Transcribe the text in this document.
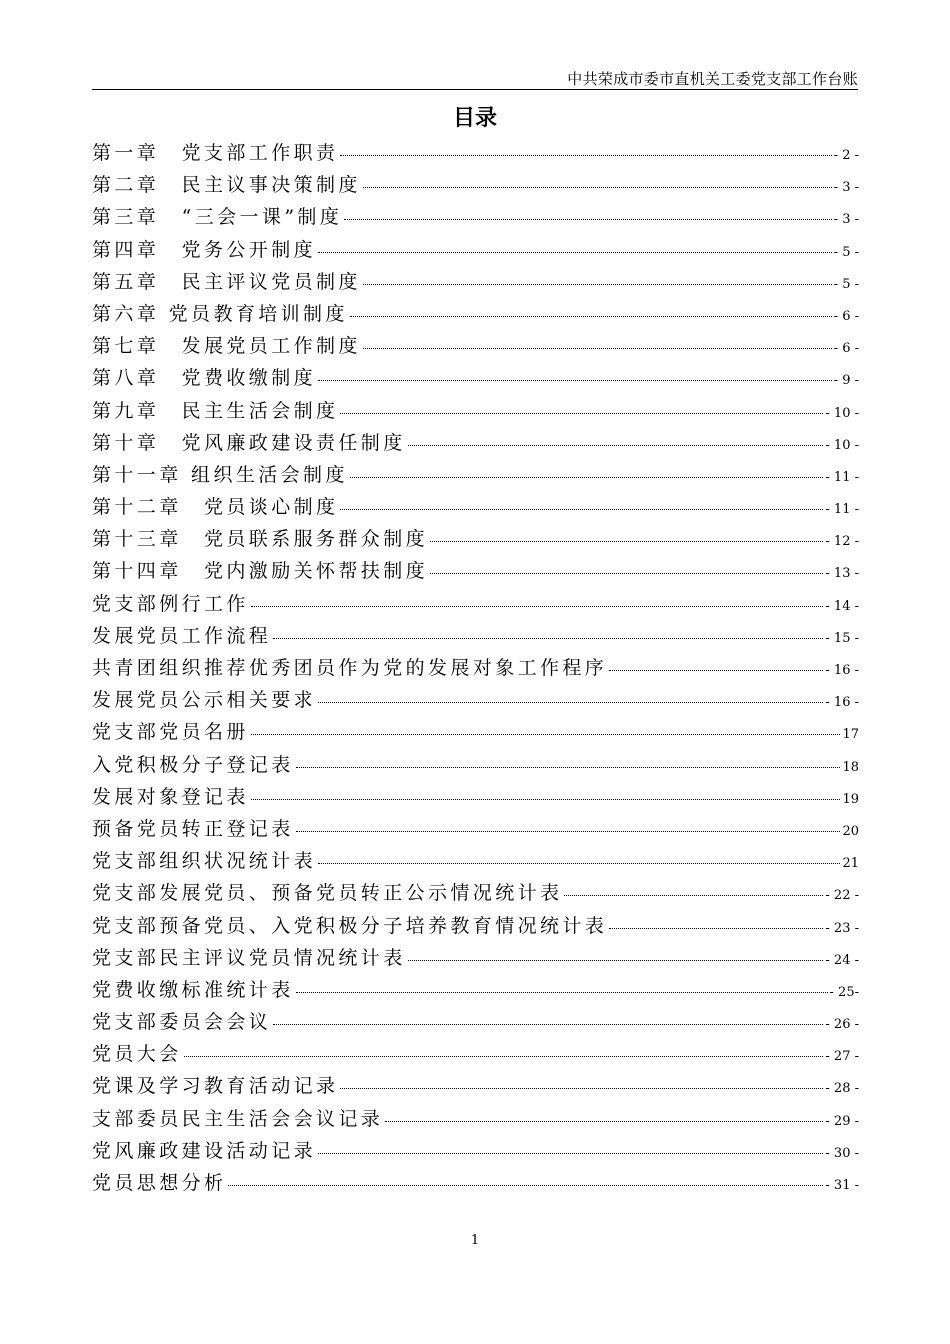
中共荣成市委市直机关工委党支部工作台账
目录
第一章　党支部工作职责	- 2 -
第二章　民主议事决策制度	- 3 -
第三章　“三会一课”制度	- 3 -
第四章　党务公开制度	- 5 -
第五章　民主评议党员制度	- 5 -
第六章 党员教育培训制度	- 6 -
第七章　发展党员工作制度	- 6 -
第八章　党费收缴制度	- 9 -
第九章　民主生活会制度	- 10 -
第十章　党风廉政建设责任制度	- 10 -
第十一章 组织生活会制度	- 11 -
第十二章　党员谈心制度	- 11 -
第十三章　党员联系服务群众制度	- 12 -
第十四章　党内激励关怀帮扶制度	- 13 -
党支部例行工作	- 14 -
发展党员工作流程	- 15 -
共青团组织推荐优秀团员作为党的发展对象工作程序	- 16 -
发展党员公示相关要求	- 16 -
党支部党员名册	17
入党积极分子登记表	18
发展对象登记表	19
预备党员转正登记表	20
党支部组织状况统计表	21
党支部发展党员、预备党员转正公示情况统计表	- 22 -
党支部预备党员、入党积极分子培养教育情况统计表	- 23 -
党支部民主评议党员情况统计表	- 24 -
党费收缴标准统计表	- 25-
党支部委员会会议	- 26 -
党员大会	- 27 -
党课及学习教育活动记录	- 28 -
支部委员民主生活会会议记录	- 29 -
党风廉政建设活动记录	- 30 -
党员思想分析	- 31 -
1
